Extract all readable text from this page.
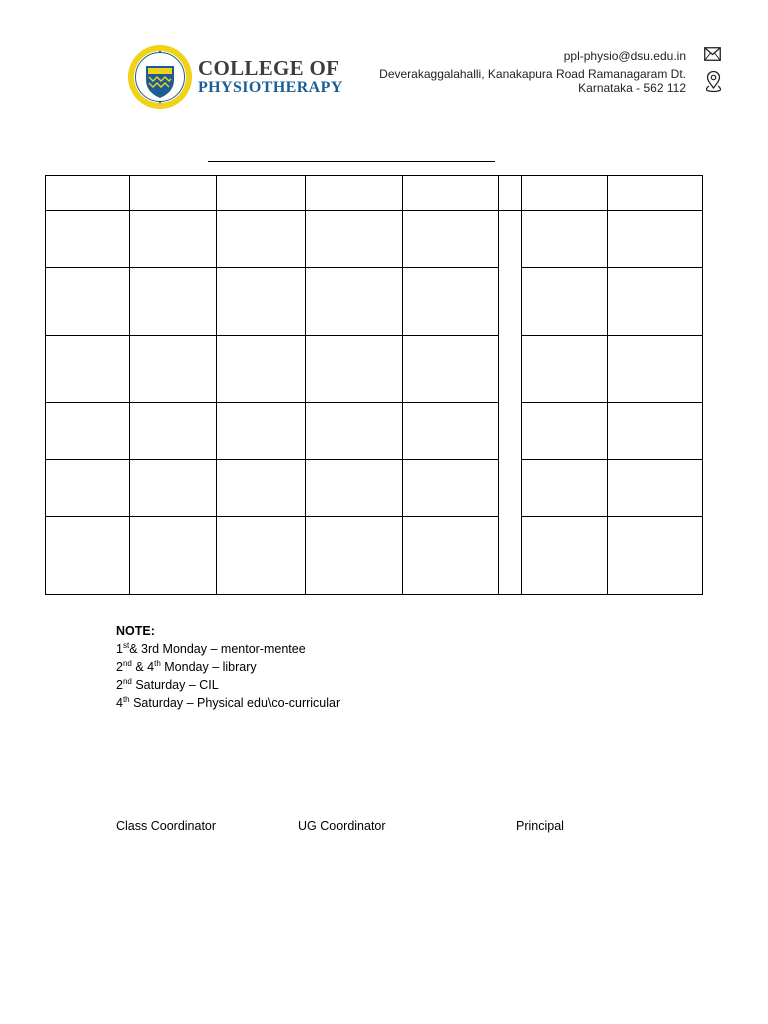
COLLEGE OF
PHYSIOTHERAPY
ppl-physio@dsu.edu.in
Deverakaggalahalli, Kanakapura Road Ramanagaram Dt.
Karnataka - 562 112
NOTE:
1st& 3rd Monday – mentor-mentee
2nd & 4th Monday – library
2nd Saturday – CIL
4th Saturday – Physical edu\co-curricular
Class Coordinator	UG Coordinator	Principal
